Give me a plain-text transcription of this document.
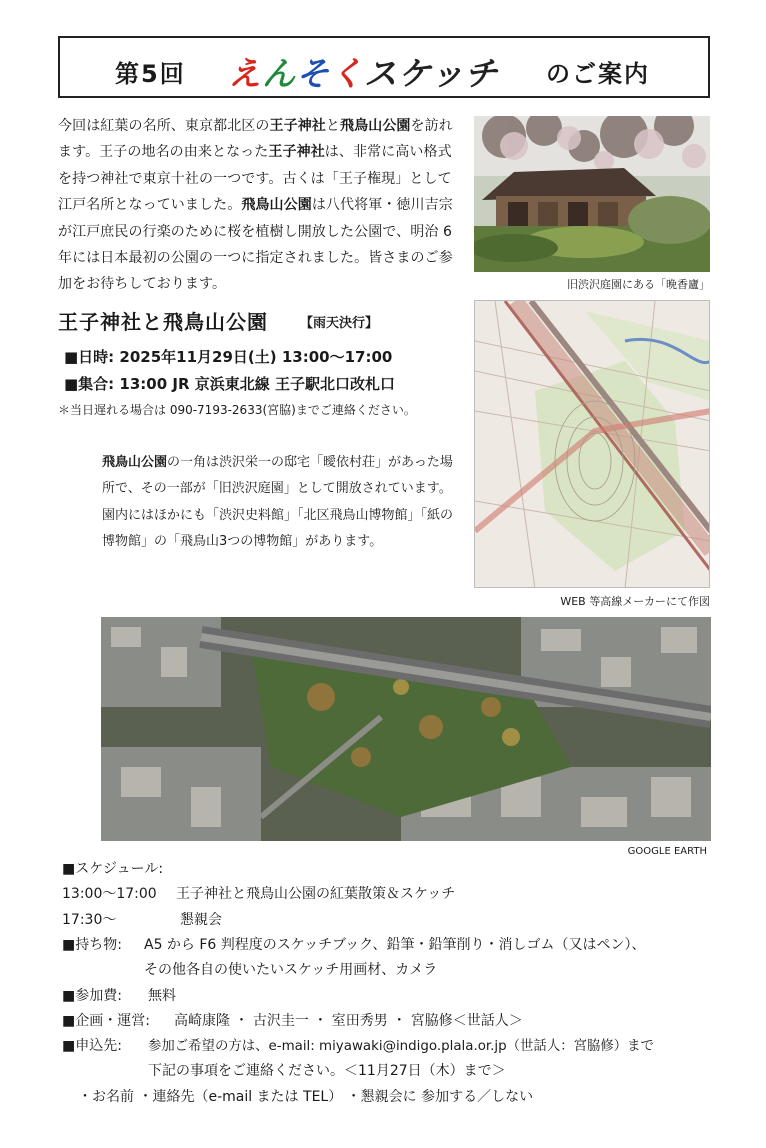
第5回 えんそくスケッチ のご案内
今回は紅葉の名所、東京都北区の王子神社と飛鳥山公園を訪れます。王子の地名の由来となった王子神社は、非常に高い格式を持つ神社で東京十社の一つです。古くは「王子権現」として江戸名所となっていました。飛鳥山公園は八代将軍・徳川吉宗が江戸庶民の行楽のために桜を植樹し開放した公園で、明治 6 年には日本最初の公園の一つに指定されました。皆さまのご参加をお待ちしております。	旧渋沢庭園にある「晩香廬」
WEB 等高線メーカーにて作図
王子神社と飛鳥山公園 【雨天決行】
■日時: 2025年11月29日(土) 13:00～17:00
■集合: 13:00 JR 京浜東北線 王子駅北口改札口
＊当日遅れる場合は 090-7193-2633(宮脇)までご連絡ください。
飛鳥山公園の一角は渋沢栄一の邸宅「曖依村荘」があった場所で、その一部が「旧渋沢庭園」として開放されています。園内にはほかにも「渋沢史料館」「北区飛鳥山博物館」「紙の博物館」の「飛鳥山3つの博物館」があります。
GOOGLE EARTH
■スケジュール:
13:00～17:00 王子神社と飛鳥山公園の紅葉散策＆スケッチ
17:30～	懇親会
■持ち物: A5 から F6 判程度のスケッチブック、鉛筆・鉛筆削り・消しゴム（又はペン）、
その他各自の使いたいスケッチ用画材、カメラ
■参加費: 無料
■企画・運営: 高崎康隆 ・ 古沢圭一 ・ 室田秀男 ・ 宮脇修＜世話人＞
■申込先: 参加ご希望の方は、e-mail: miyawaki@indigo.plala.or.jp（世話人：宮脇修）まで
下記の事項をご連絡ください。＜11月27日（木）まで＞
・お名前 ・連絡先（e-mail または TEL） ・懇親会に 参加する／しない
